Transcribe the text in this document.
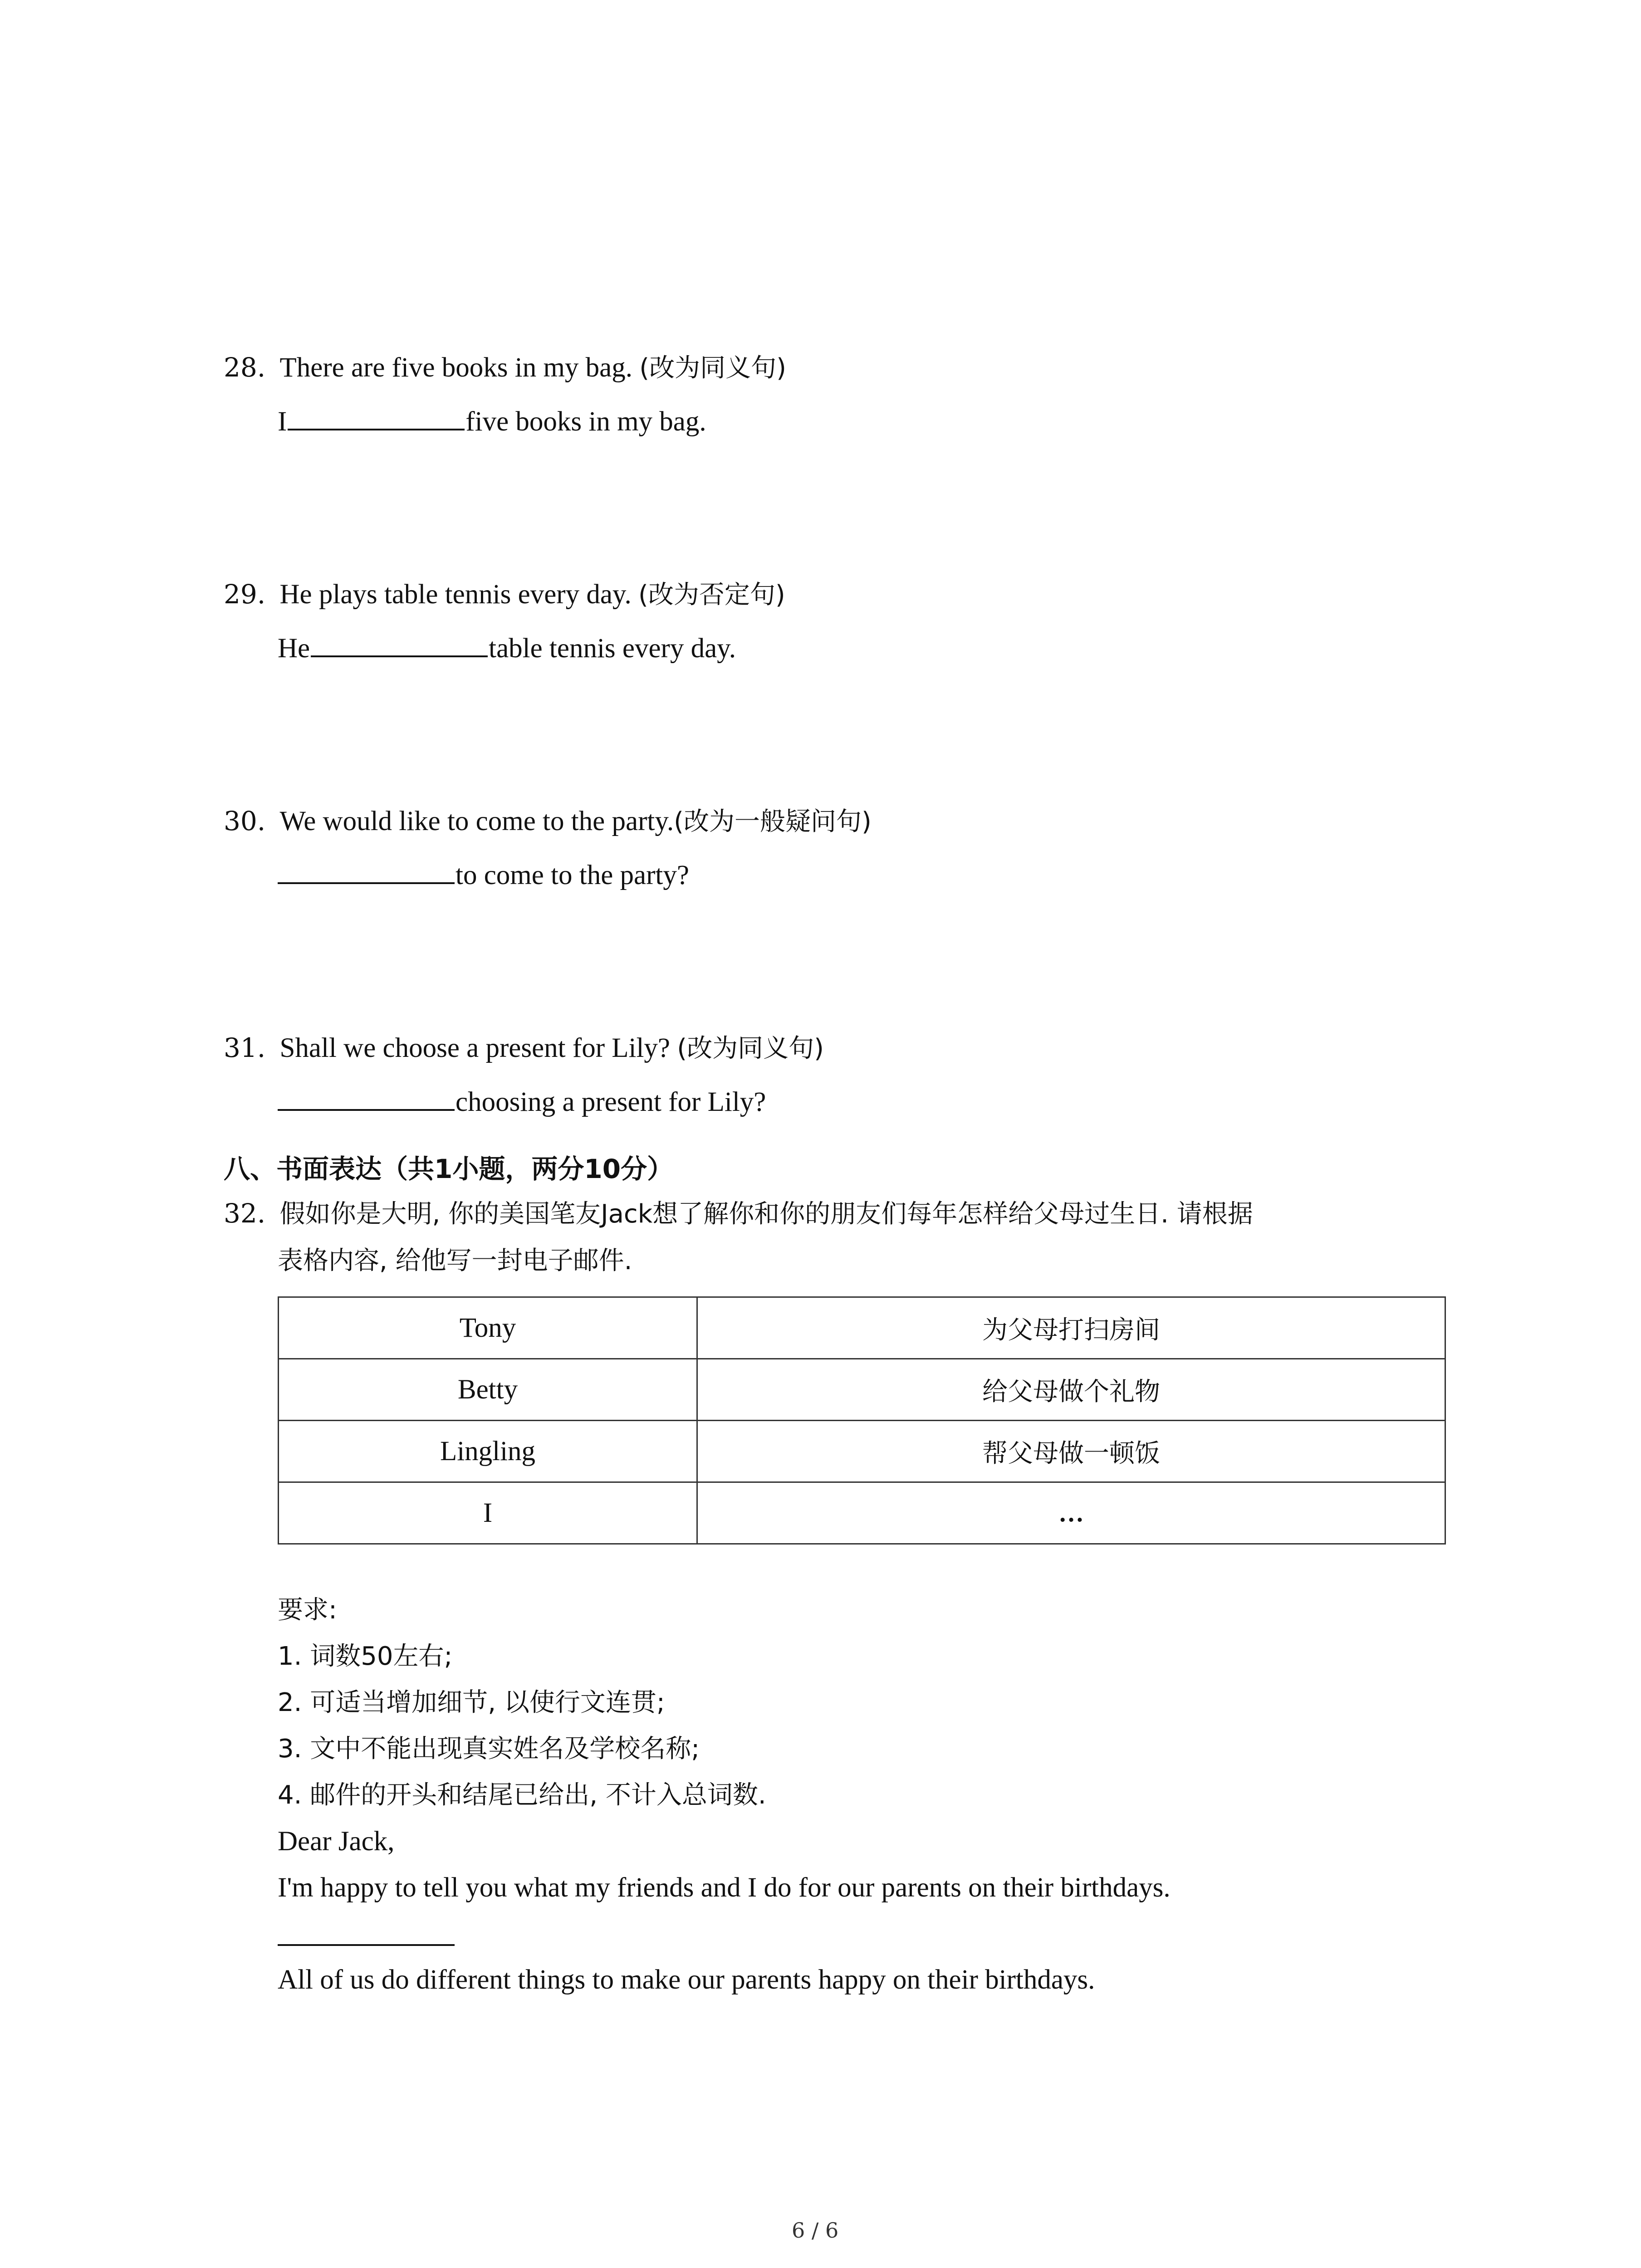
28. There are five books in my bag. (改为同义句)
I	five books in my bag.
29. He plays table tennis every day. (改为否定句)
He	table tennis every day.
30. We would like to come to the party.(改为一般疑问句)
to come to the party?
31. Shall we choose a present for Lily? (改为同义句)
choosing a present for Lily?
八、书面表达（共1小题，两分10分）
32. 假如你是大明, 你的美国笔友Jack想了解你和你的朋友们每年怎样给父母过生日. 请根据
表格内容, 给他写一封电子邮件.
Tony	为父母打扫房间
Betty	给父母做个礼物
Lingling	帮父母做一顿饭
I	…
要求:
1. 词数50左右;
2. 可适当增加细节, 以使行文连贯;
3. 文中不能出现真实姓名及学校名称;
4. 邮件的开头和结尾已给出, 不计入总词数.
Dear Jack,
I'm happy to tell you what my friends and I do for our parents on their birthdays.
All of us do different things to make our parents happy on their birthdays.
6 / 6
